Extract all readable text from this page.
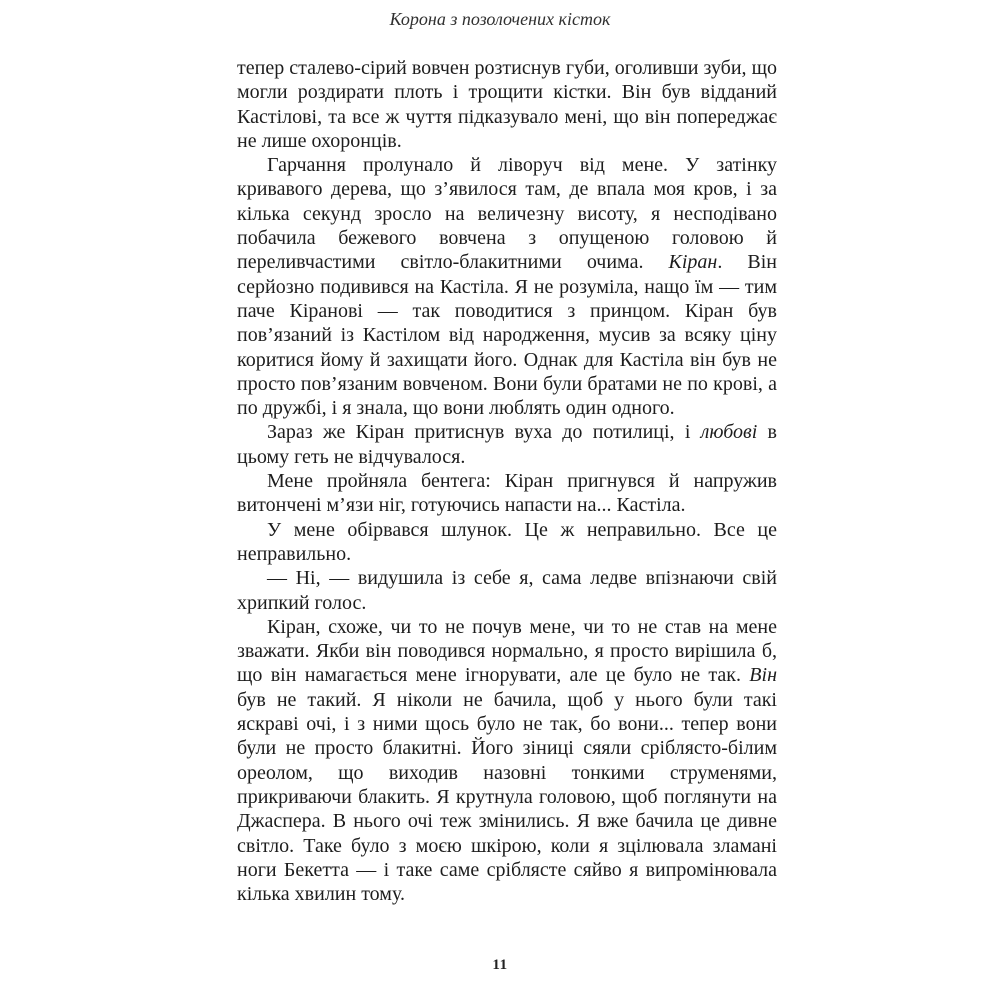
Корона з позолочених кісток

тепер сталево-сірий вовчен розтиснув губи, оголивши зуби, що могли роздирати плоть і трощити кістки. Він був відданий Кастілові, та все ж чуття підказувало мені, що він попереджає не лише охоронців.

Гарчання пролунало й ліворуч від мене. У затінку кривавого дерева, що з’явилося там, де впала моя кров, і за кілька секунд зросло на величезну висоту, я несподівано побачила бежевого вовчена з опущеною головою й переливчастими світло-блакитними очима. Кіран. Він серйозно подивився на Кастіла. Я не розуміла, нащо їм — тим паче Кіранові — так поводитися з принцом. Кіран був пов’язаний із Кастілом від народження, мусив за всяку ціну коритися йому й захищати його. Однак для Кастіла він був не просто пов’язаним вовченом. Вони були братами не по крові, а по дружбі, і я знала, що вони люблять один одного.

Зараз же Кіран притиснув вуха до потилиці, і любові в цьому геть не відчувалося.

Мене пройняла бентега: Кіран пригнувся й напружив витончені м’язи ніг, готуючись напасти на... Кастіла.

У мене обірвався шлунок. Це ж неправильно. Все це неправильно.

— Ні, — видушила із себе я, сама ледве впізнаючи свій хрипкий голос.

Кіран, схоже, чи то не почув мене, чи то не став на мене зважати. Якби він поводився нормально, я просто вирішила б, що він намагається мене ігнорувати, але це було не так. Він був не такий. Я ніколи не бачила, щоб у нього були такі яскраві очі, і з ними щось було не так, бо вони... тепер вони були не просто блакитні. Його зіниці сяяли сріблясто-білим ореолом, що виходив назовні тонкими струменями, прикриваючи блакить. Я крутнула головою, щоб поглянути на Джаспера. В нього очі теж змінились. Я вже бачила це дивне світло. Таке було з моєю шкірою, коли я зцілювала зламані ноги Бекетта — і таке саме сріблясте сяйво я випромінювала кілька хвилин тому.

11
